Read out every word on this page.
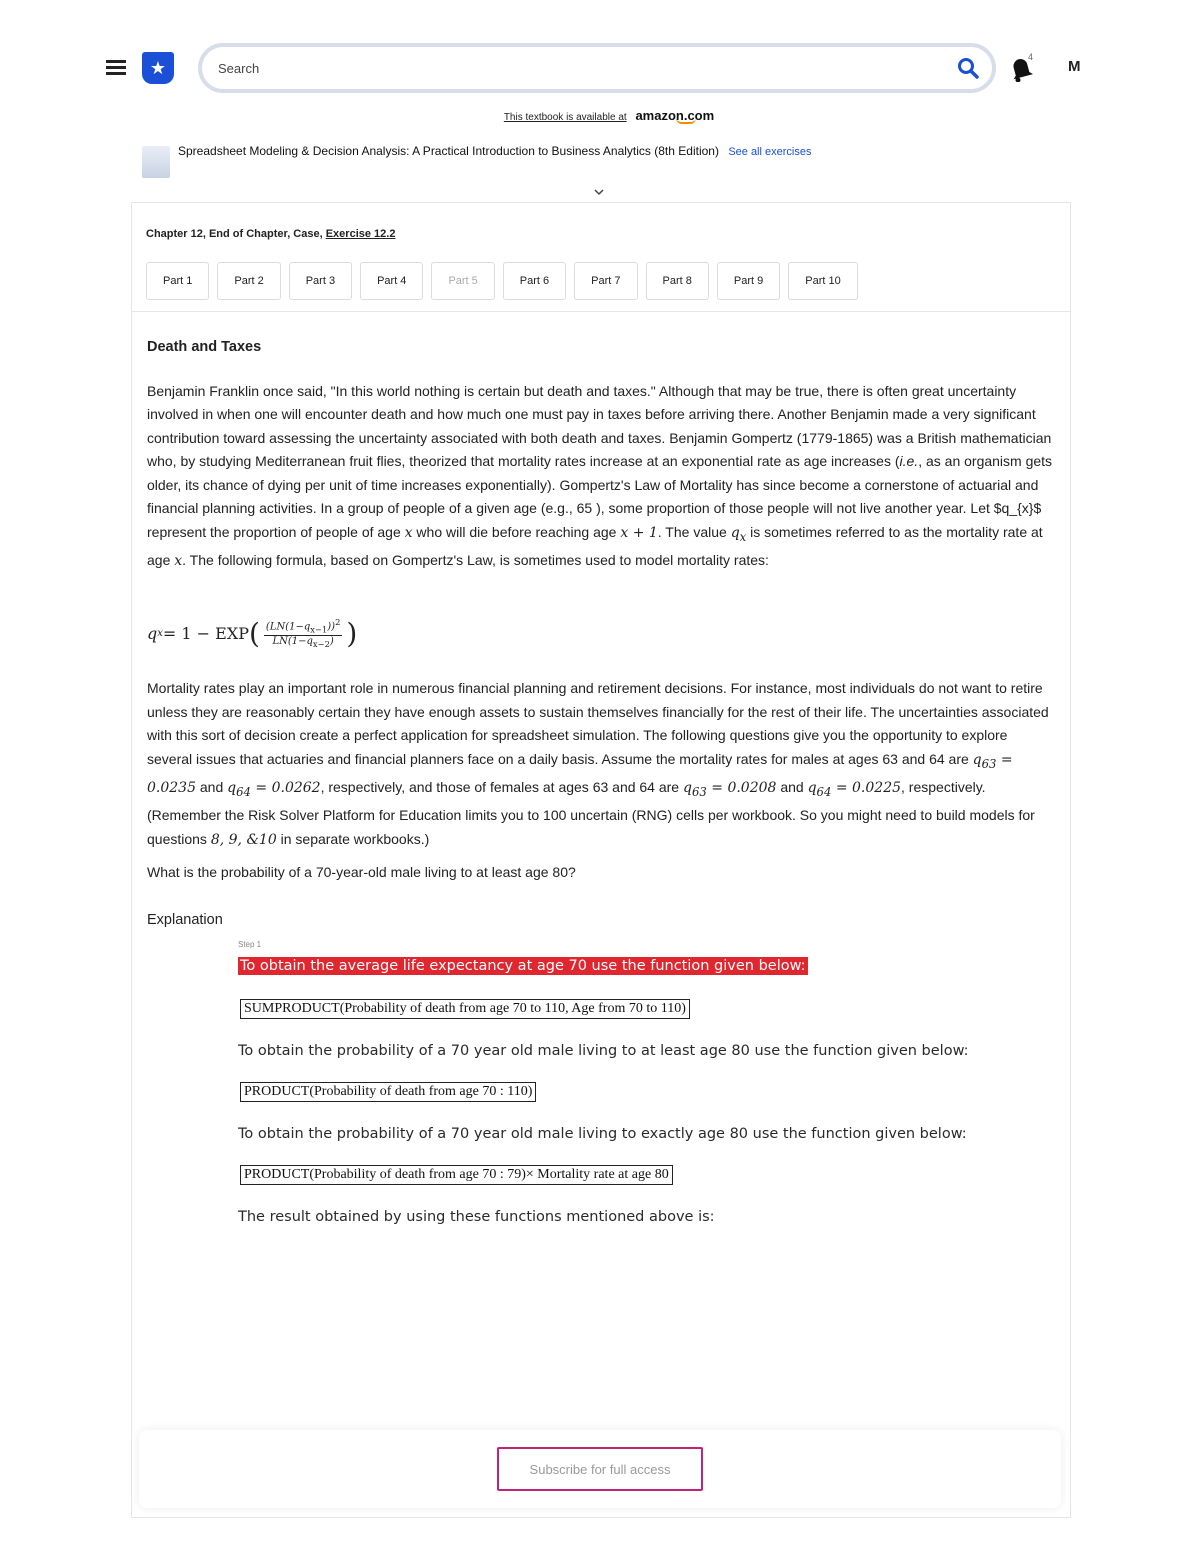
★
Search
4
M
This textbook is available at amazon.com
Spreadsheet Modeling & Decision Analysis: A Practical Introduction to Business Analytics (8th Edition) See all exercises
Chapter 12, End of Chapter, Case, Exercise 12.2
Part 1	Part 2	Part 3	Part 4	Part 5	Part 6	Part 7	Part 8	Part 9	Part 10
Death and Taxes

Benjamin Franklin once said, "In this world nothing is certain but death and taxes." Although that may be true, there is often great uncertainty involved in when one will encounter death and how much one must pay in taxes before arriving there. Another Benjamin made a very significant contribution toward assessing the uncertainty associated with both death and taxes. Benjamin Gompertz (1779-1865) was a British mathematician who, by studying Mediterranean fruit flies, theorized that mortality rates increase at an exponential rate as age increases (i.e., as an organism gets older, its chance of dying per unit of time increases exponentially). Gompertz's Law of Mortality has since become a cornerstone of actuarial and financial planning activities. In a group of people of a given age (e.g., 65 ), some proportion of those people will not live another year. Let $q_{x}$ represent the proportion of people of age x who will die before reaching age x + 1. The value $q_x$ is sometimes referred to as the mortality rate at age x. The following formula, based on Gompertz's Law, is sometimes used to model mortality rates:

q x = 1 − EXP ( $\frac{(LN(1-q_{x-1}))^2}{LN(1-q_{x-2})}$ )

Mortality rates play an important role in numerous financial planning and retirement decisions. For instance, most individuals do not want to retire unless they are reasonably certain they have enough assets to sustain themselves financially for the rest of their life. The uncertainties associated with this sort of decision create a perfect application for spreadsheet simulation. The following questions give you the opportunity to explore several issues that actuaries and financial planners face on a daily basis. Assume the mortality rates for males at ages 63 and 64 are $q_{63} = 0.0235$ and $q_{64} = 0.0262$, respectively, and those of females at ages 63 and 64 are $q_{63} = 0.0208$ and $q_{64} = 0.0225$, respectively. (Remember the Risk Solver Platform for Education limits you to 100 uncertain (RNG) cells per workbook. So you might need to build models for questions 8, 9, &10 in separate workbooks.)

What is the probability of a 70-year-old male living to at least age 80?
Explanation
Step 1
To obtain the average life expectancy at age 70 use the function given below:
SUMPRODUCT(Probability of death from age 70 to 110, Age from 70 to 110)
To obtain the probability of a 70 year old male living to at least age 80 use the function given below:
PRODUCT(Probability of death from age 70 : 110)
To obtain the probability of a 70 year old male living to exactly age 80 use the function given below:
PRODUCT(Probability of death from age 70 : 79)× Mortality rate at age 80
The result obtained by using these functions mentioned above is:
Subscribe for full access
